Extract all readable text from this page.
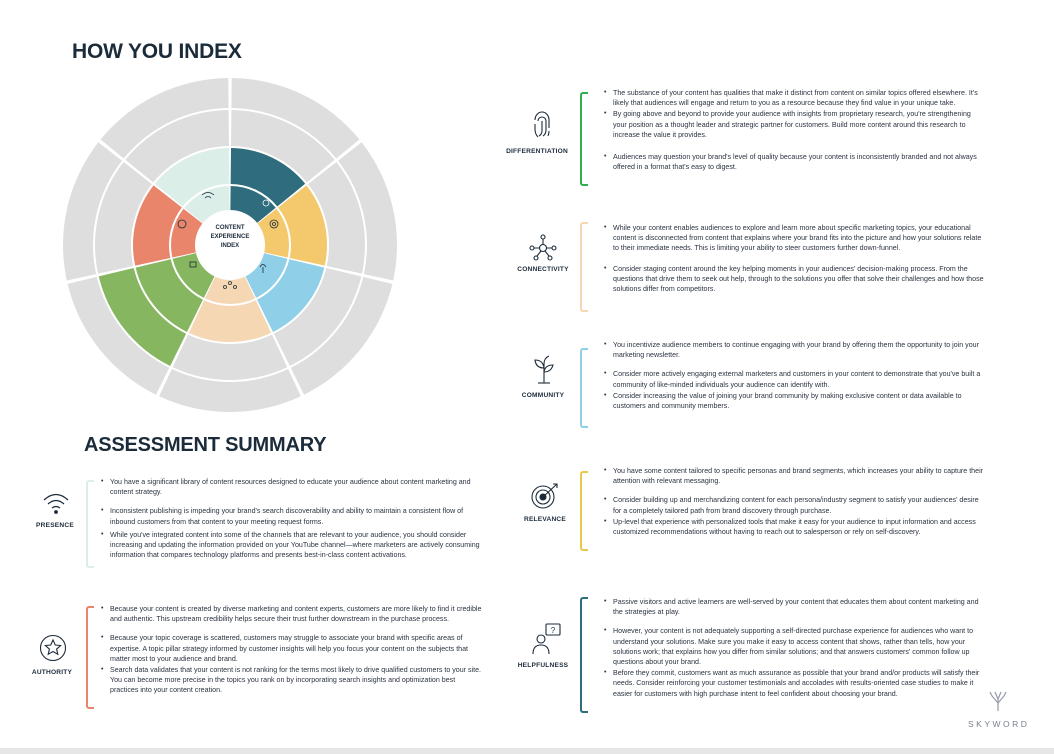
HOW YOU INDEX
CONTENT
EXPERIENCE
INDEX
ASSESSMENT SUMMARY
DIFFERENTIATION
• The substance of your content has qualities that make it distinct from content on similar topics offered elsewhere. It's likely that audiences will engage and return to you as a resource because they find value in your unique take.
• By going above and beyond to provide your audience with insights from proprietary research, you're strengthening your position as a thought leader and strategic partner for customers. Build more content around this research to increase the value it provides.
• Audiences may question your brand's level of quality because your content is inconsistently branded and not always offered in a format that's easy to digest.
CONNECTIVITY
• While your content enables audiences to explore and learn more about specific marketing topics, your educational content is disconnected from content that explains where your brand fits into the picture and how your solutions relate to their immediate needs. This is limiting your ability to steer customers further down-funnel.
• Consider staging content around the key helping moments in your audiences' decision-making process. From the questions that drive them to seek out help, through to the solutions you offer that solve their challenges and how those solutions differ from competitors.
COMMUNITY
• You incentivize audience members to continue engaging with your brand by offering them the opportunity to join your marketing newsletter.
• Consider more actively engaging external marketers and customers in your content to demonstrate that you've built a community of like-minded individuals your audience can identify with.
• Consider increasing the value of joining your brand community by making exclusive content or data available to customers and community members.
RELEVANCE
• You have some content tailored to specific personas and brand segments, which increases your ability to capture their attention with relevant messaging.
• Consider building up and merchandizing content for each persona/industry segment to satisfy your audiences' desire for a completely tailored path from brand discovery through purchase.
• Up-level that experience with personalized tools that make it easy for your audience to input information and access customized recommendations without having to reach out to salesperson or rely on self-discovery.
?
HELPFULNESS
• Passive visitors and active learners are well-served by your content that educates them about content marketing and the strategies at play.
• However, your content is not adequately supporting a self-directed purchase experience for audiences who want to understand your solutions. Make sure you make it easy to access content that shows, rather than tells, how your solutions work; that explains how you differ from similar solutions; and that answers customers' common follow up questions about your brand.
• Before they commit, customers want as much assurance as possible that your brand and/or products will satisfy their needs. Consider reinforcing your customer testimonials and accolades with results-oriented case studies to make it easier for customers with high purchase intent to feel confident about choosing your brand.
PRESENCE
• You have a significant library of content resources designed to educate your audience about content marketing and content strategy.
• Inconsistent publishing is impeding your brand's search discoverability and ability to maintain a consistent flow of inbound customers from that content to your meeting request forms.
• While you've integrated content into some of the channels that are relevant to your audience, you should consider increasing and updating the information provided on your YouTube channel—where marketers are actively consuming information that compares technology platforms and presents best-in-class content activations.
AUTHORITY
• Because your content is created by diverse marketing and content experts, customers are more likely to find it credible and authentic. This upstream credibility helps secure their trust further downstream in the purchase process.
• Because your topic coverage is scattered, customers may struggle to associate your brand with specific areas of expertise. A topic pillar strategy informed by customer insights will help you focus your content on the subjects that matter most to your audience and brand.
• Search data validates that your content is not ranking for the terms most likely to drive qualified customers to your site. You can become more precise in the topics you rank on by incorporating search insights and optimization best practices into your content creation.
SKYWORD
